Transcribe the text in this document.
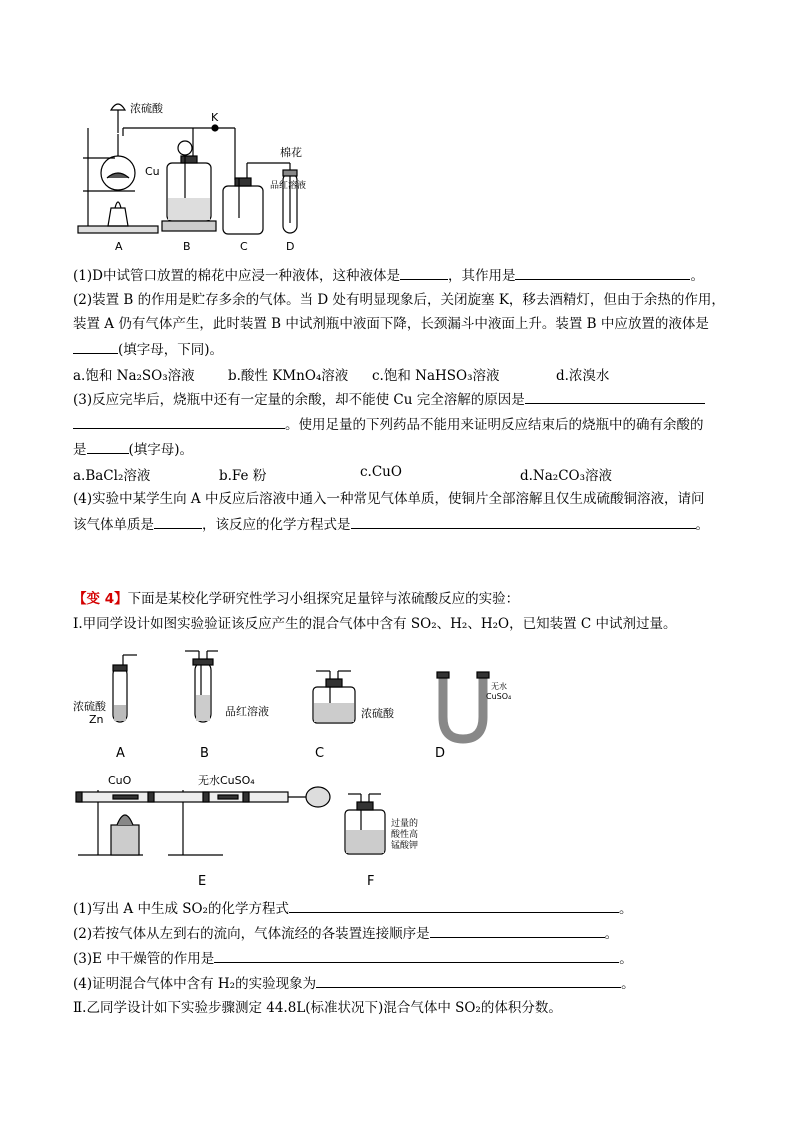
浓硫酸
Cu
K
棉花
品红溶液
A	B	C	D
(1)D中试管口放置的棉花中应浸一种液体，这种液体是	，其作用是	。
(2)装置 B 的作用是贮存多余的气体。当 D 处有明显现象后，关闭旋塞 K，移去酒精灯，但由于余热的作用，
装置 A 仍有气体产生，此时装置 B 中试剂瓶中液面下降，长颈漏斗中液面上升。装置 B 中应放置的液体是
(填字母，下同)。
a.饱和 Na₂SO₃溶液 b.酸性 KMnO₄溶液 c.饱和 NaHSO₃溶液	d.浓溴水
(3)反应完毕后，烧瓶中还有一定量的余酸，却不能使 Cu 完全溶解的原因是
。使用足量的下列药品不能用来证明反应结束后的烧瓶中的确有余酸的
是	(填字母)。
a.BaCl₂溶液	b.Fe 粉	c.CuO	d.Na₂CO₃溶液
(4)实验中某学生向 A 中反应后溶液中通入一种常见气体单质，使铜片全部溶解且仅生成硫酸铜溶液，请问
该气体单质是	，该反应的化学方程式是	。
【变 4】下面是某校化学研究性学习小组探究足量锌与浓硫酸反应的实验：
Ⅰ.甲同学设计如图实验验证该反应产生的混合气体中含有 SO₂、H₂、H₂O，已知装置 C 中试剂过量。
浓硫酸
Zn
品红溶液	浓硫酸
无水
CuSO₄
A	B	C	D
CuO	无水CuSO₄
过量的
酸性高
锰酸钾
E	F
(1)写出 A 中生成 SO₂的化学方程式	。
(2)若按气体从左到右的流向，气体流经的各装置连接顺序是	。
(3)E 中干燥管的作用是	。
(4)证明混合气体中含有 H₂的实验现象为	。
Ⅱ.乙同学设计如下实验步骤测定 44.8L(标准状况下)混合气体中 SO₂的体积分数。
